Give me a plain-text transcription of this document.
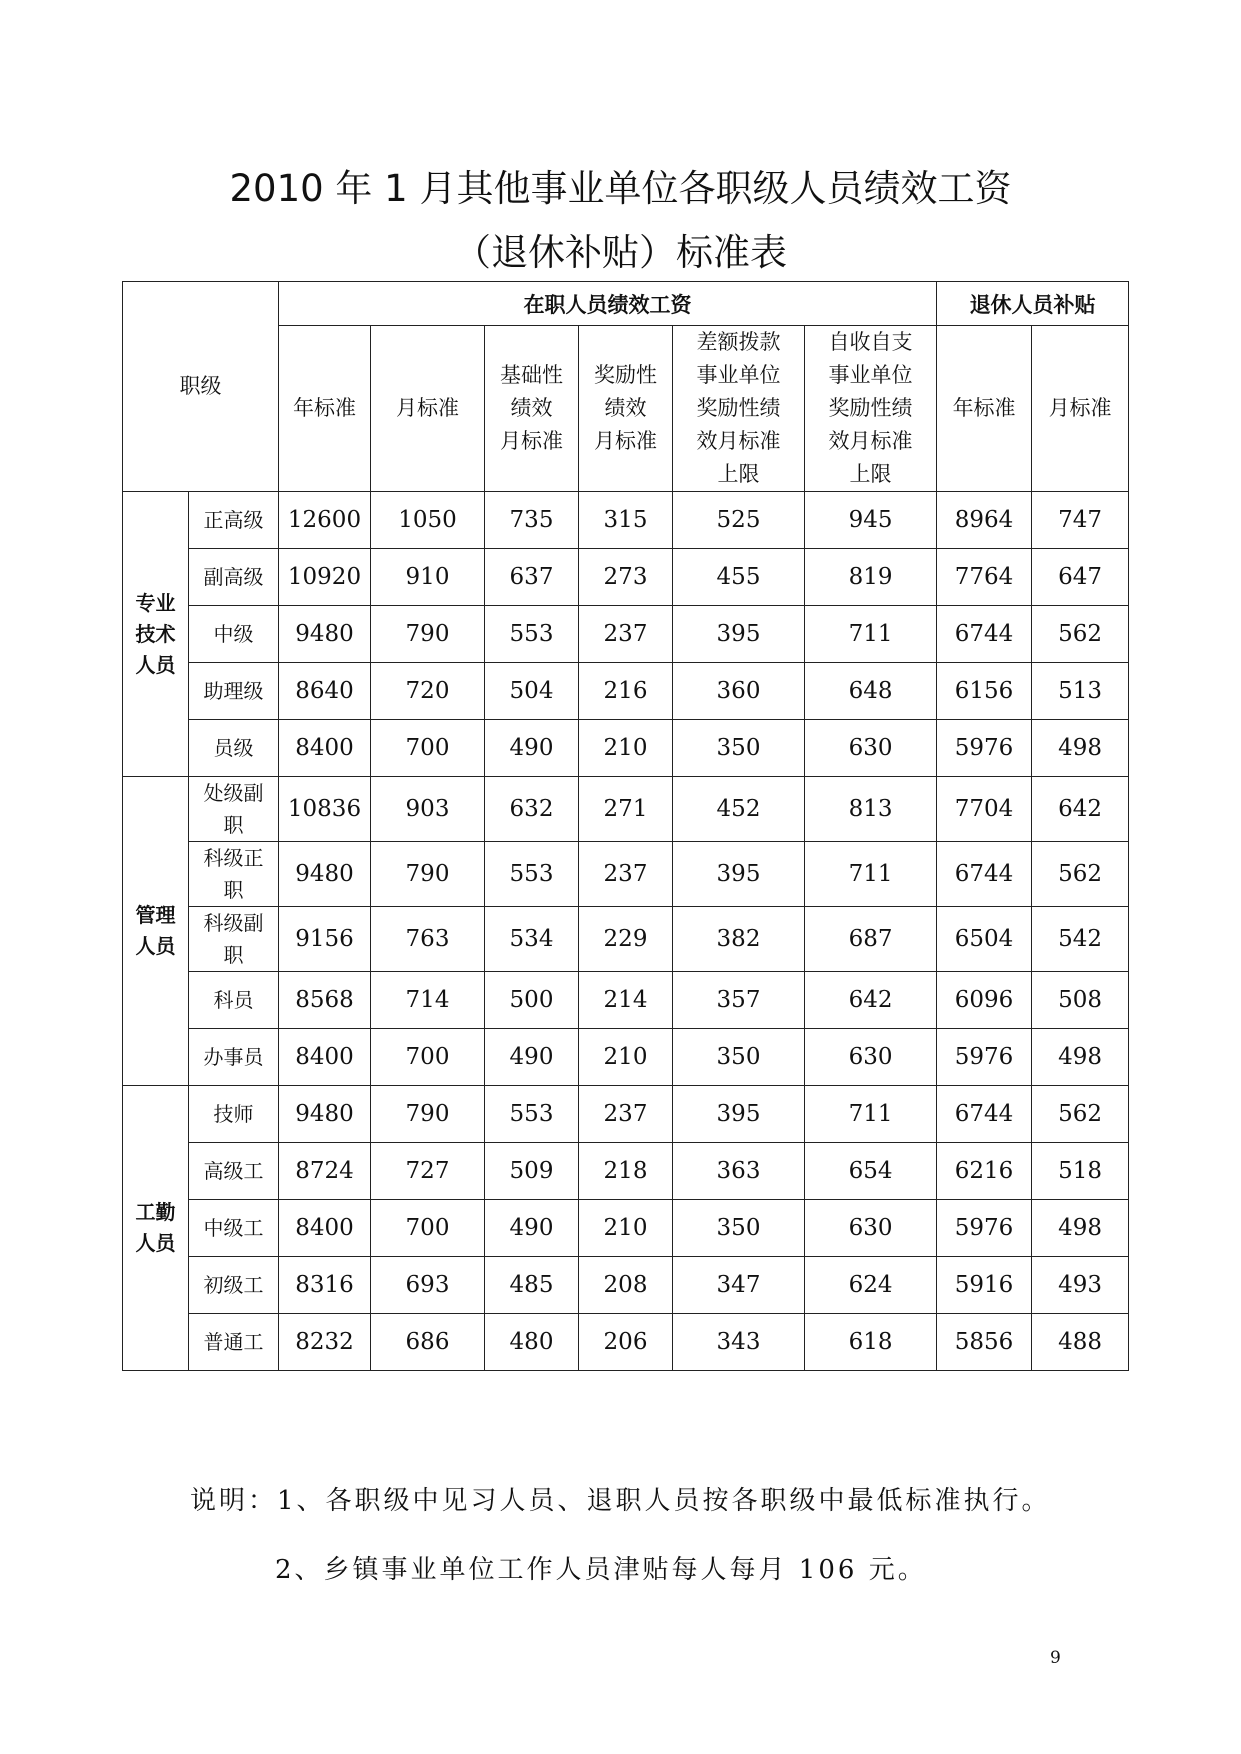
2010 年 1 月其他事业单位各职级人员绩效工资
（退休补贴）标准表
职级		在职人员绩效工资						退休人员补贴	
		年标准	月标准	基础性
绩效
月标准	奖励性
绩效
月标准	差额拨款
事业单位
奖励性绩
效月标准
上限	自收自支
事业单位
奖励性绩
效月标准
上限	年标准	月标准
专业
技术
人员	正高级	12600	1050	735	315	525	945	8964	747
	副高级	10920	910	637	273	455	819	7764	647
	中级	9480	790	553	237	395	711	6744	562
	助理级	8640	720	504	216	360	648	6156	513
	员级	8400	700	490	210	350	630	5976	498
管理
人员	处级副
职	10836	903	632	271	452	813	7704	642
	科级正
职	9480	790	553	237	395	711	6744	562
	科级副
职	9156	763	534	229	382	687	6504	542
	科员	8568	714	500	214	357	642	6096	508
	办事员	8400	700	490	210	350	630	5976	498
工勤
人员	技师	9480	790	553	237	395	711	6744	562
	高级工	8724	727	509	218	363	654	6216	518
	中级工	8400	700	490	210	350	630	5976	498
	初级工	8316	693	485	208	347	624	5916	493
	普通工	8232	686	480	206	343	618	5856	488
说明：1、各职级中见习人员、退职人员按各职级中最低标准执行。
2、乡镇事业单位工作人员津贴每人每月 106 元。
9
